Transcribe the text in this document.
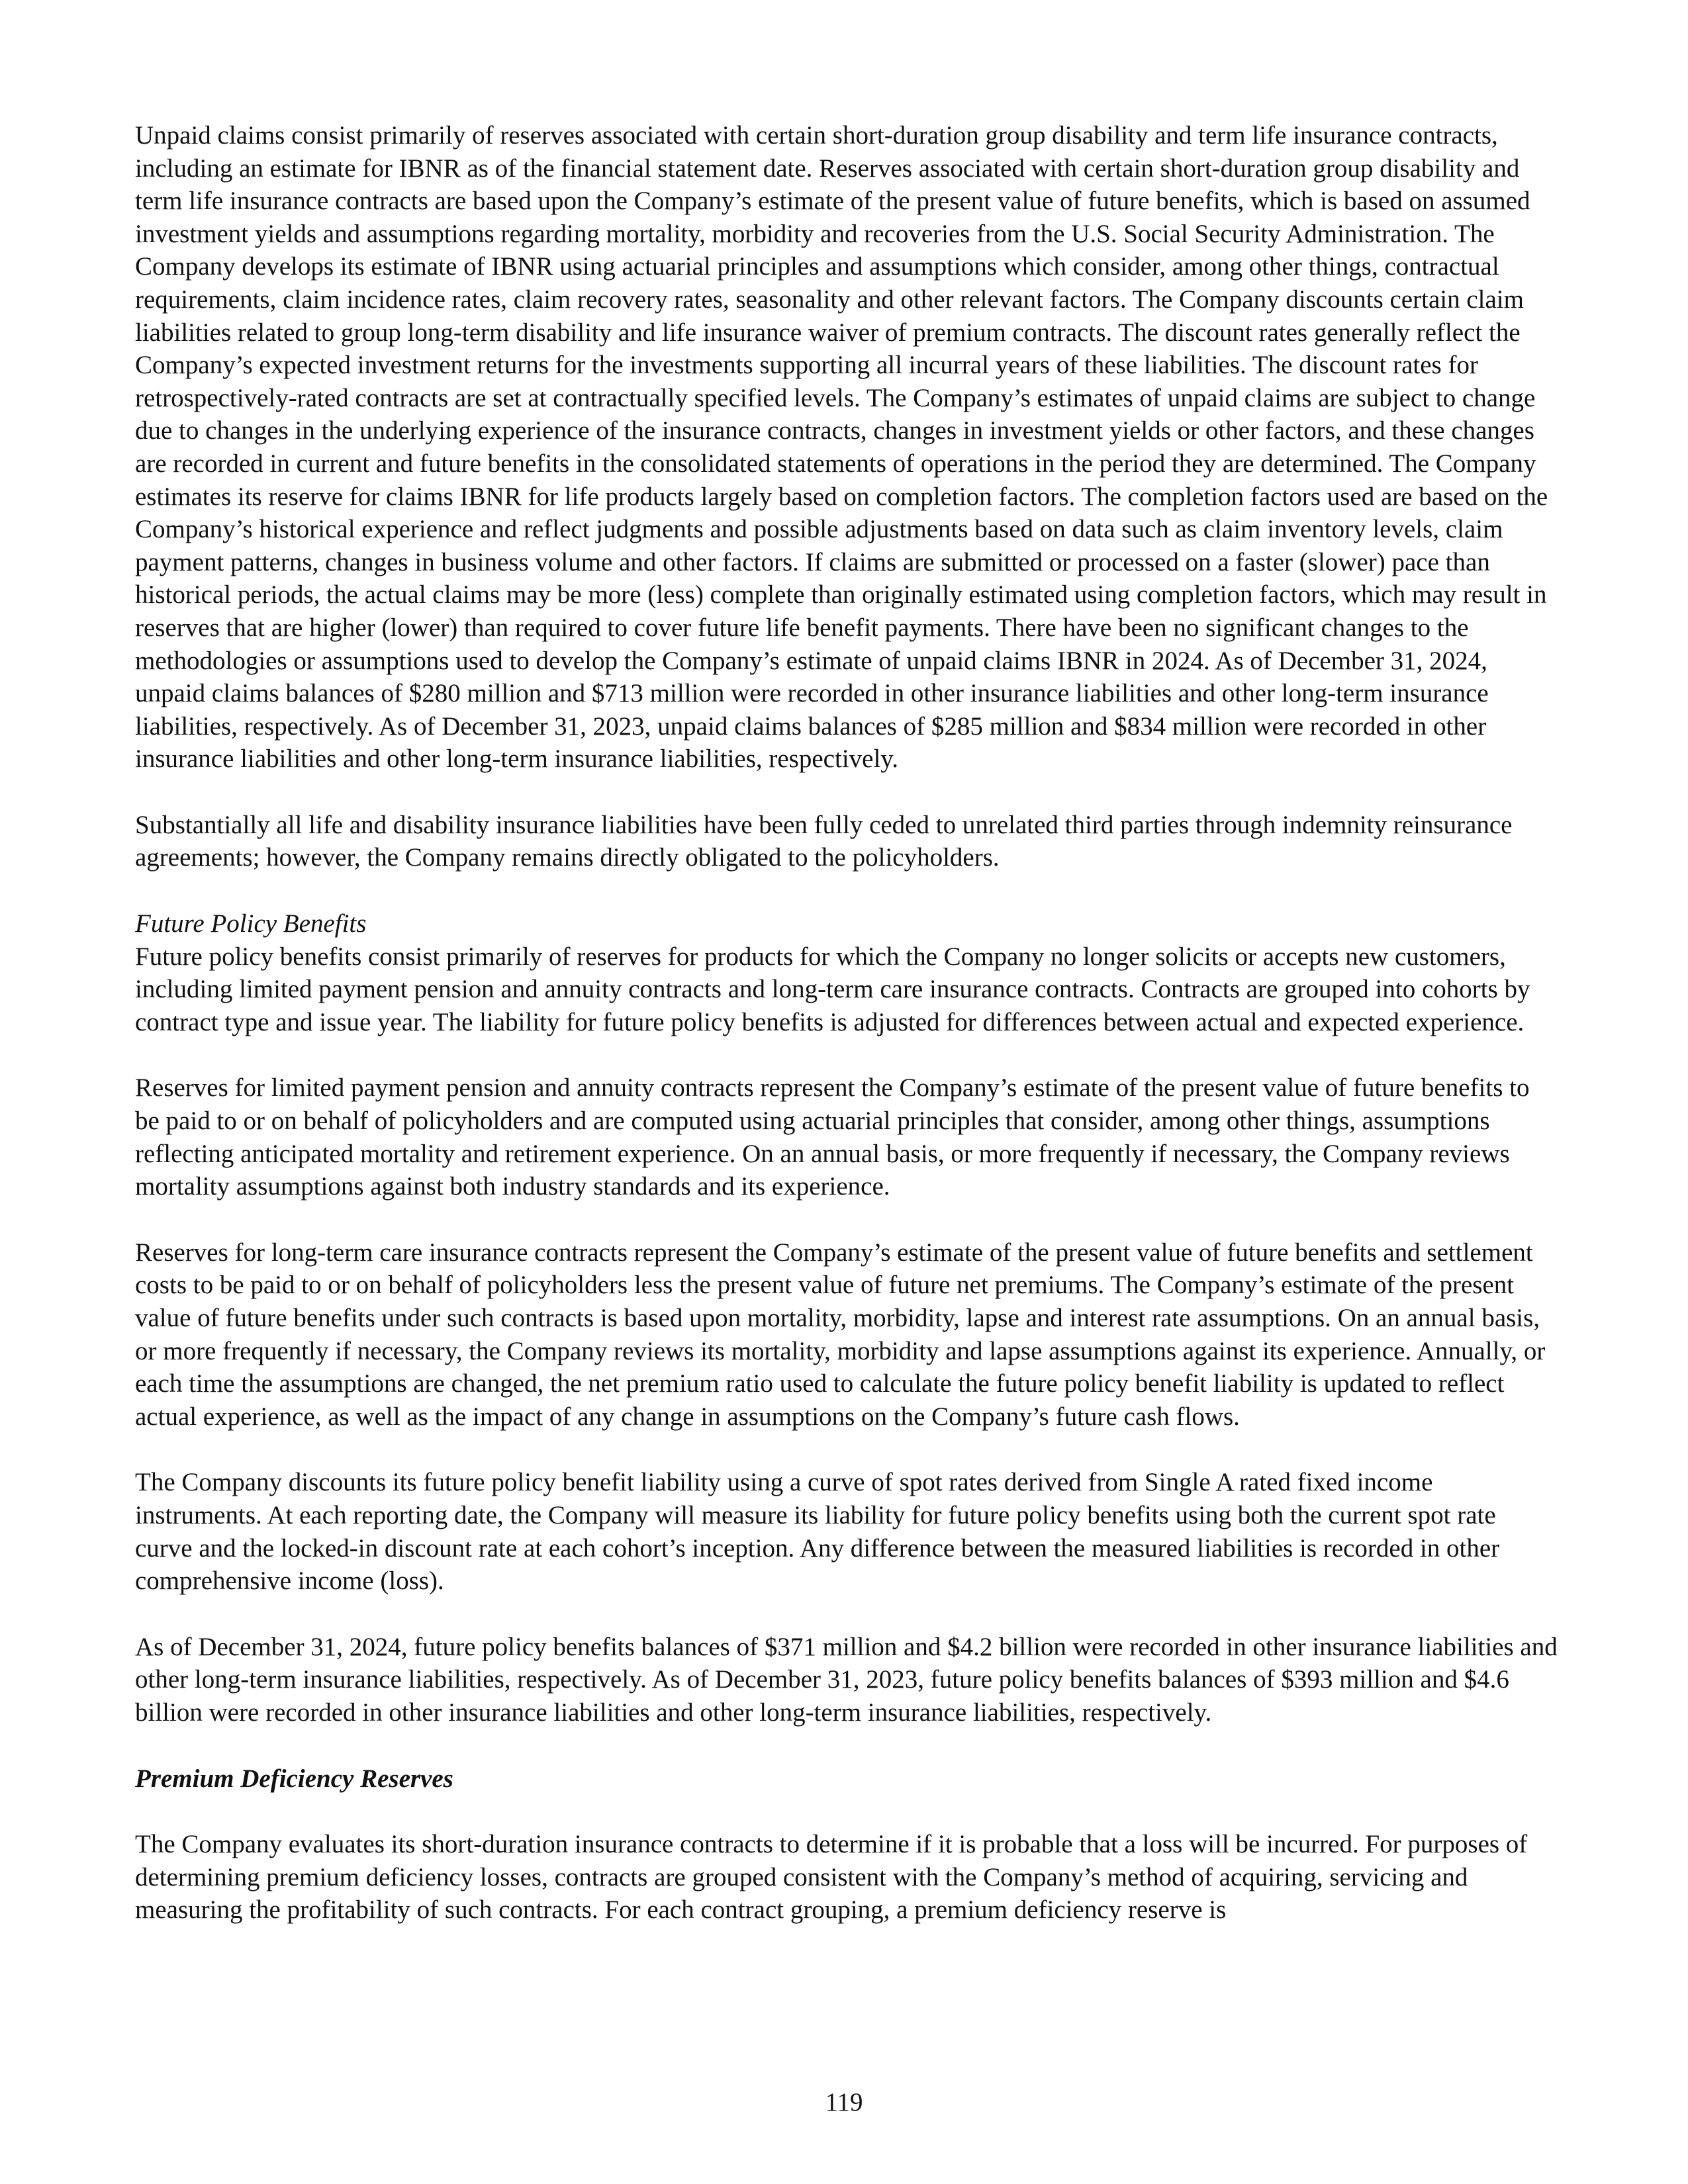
Unpaid claims consist primarily of reserves associated with certain short-duration group disability and term life insurance contracts, including an estimate for IBNR as of the financial statement date. Reserves associated with certain short-duration group disability and term life insurance contracts are based upon the Company’s estimate of the present value of future benefits, which is based on assumed investment yields and assumptions regarding mortality, morbidity and recoveries from the U.S. Social Security Administration. The Company develops its estimate of IBNR using actuarial principles and assumptions which consider, among other things, contractual requirements, claim incidence rates, claim recovery rates, seasonality and other relevant factors. The Company discounts certain claim liabilities related to group long-term disability and life insurance waiver of premium contracts. The discount rates generally reflect the Company’s expected investment returns for the investments supporting all incurral years of these liabilities. The discount rates for retrospectively-rated contracts are set at contractually specified levels. The Company’s estimates of unpaid claims are subject to change due to changes in the underlying experience of the insurance contracts, changes in investment yields or other factors, and these changes are recorded in current and future benefits in the consolidated statements of operations in the period they are determined. The Company estimates its reserve for claims IBNR for life products largely based on completion factors. The completion factors used are based on the Company’s historical experience and reflect judgments and possible adjustments based on data such as claim inventory levels, claim payment patterns, changes in business volume and other factors. If claims are submitted or processed on a faster (slower) pace than historical periods, the actual claims may be more (less) complete than originally estimated using completion factors, which may result in reserves that are higher (lower) than required to cover future life benefit payments. There have been no significant changes to the methodologies or assumptions used to develop the Company’s estimate of unpaid claims IBNR in 2024. As of December 31, 2024, unpaid claims balances of $280 million and $713 million were recorded in other insurance liabilities and other long-term insurance liabilities, respectively. As of December 31, 2023, unpaid claims balances of $285 million and $834 million were recorded in other insurance liabilities and other long-term insurance liabilities, respectively.

Substantially all life and disability insurance liabilities have been fully ceded to unrelated third parties through indemnity reinsurance agreements; however, the Company remains directly obligated to the policyholders.

Future Policy Benefits
Future policy benefits consist primarily of reserves for products for which the Company no longer solicits or accepts new customers, including limited payment pension and annuity contracts and long-term care insurance contracts. Contracts are grouped into cohorts by contract type and issue year. The liability for future policy benefits is adjusted for differences between actual and expected experience.

Reserves for limited payment pension and annuity contracts represent the Company’s estimate of the present value of future benefits to be paid to or on behalf of policyholders and are computed using actuarial principles that consider, among other things, assumptions reflecting anticipated mortality and retirement experience. On an annual basis, or more frequently if necessary, the Company reviews mortality assumptions against both industry standards and its experience.

Reserves for long-term care insurance contracts represent the Company’s estimate of the present value of future benefits and settlement costs to be paid to or on behalf of policyholders less the present value of future net premiums. The Company’s estimate of the present value of future benefits under such contracts is based upon mortality, morbidity, lapse and interest rate assumptions. On an annual basis, or more frequently if necessary, the Company reviews its mortality, morbidity and lapse assumptions against its experience. Annually, or each time the assumptions are changed, the net premium ratio used to calculate the future policy benefit liability is updated to reflect actual experience, as well as the impact of any change in assumptions on the Company’s future cash flows.

The Company discounts its future policy benefit liability using a curve of spot rates derived from Single A rated fixed income instruments. At each reporting date, the Company will measure its liability for future policy benefits using both the current spot rate curve and the locked-in discount rate at each cohort’s inception. Any difference between the measured liabilities is recorded in other comprehensive income (loss).

As of December 31, 2024, future policy benefits balances of $371 million and $4.2 billion were recorded in other insurance liabilities and other long-term insurance liabilities, respectively. As of December 31, 2023, future policy benefits balances of $393 million and $4.6 billion were recorded in other insurance liabilities and other long-term insurance liabilities, respectively.

Premium Deficiency Reserves

The Company evaluates its short-duration insurance contracts to determine if it is probable that a loss will be incurred. For purposes of determining premium deficiency losses, contracts are grouped consistent with the Company’s method of acquiring, servicing and measuring the profitability of such contracts. For each contract grouping, a premium deficiency reserve is

119
